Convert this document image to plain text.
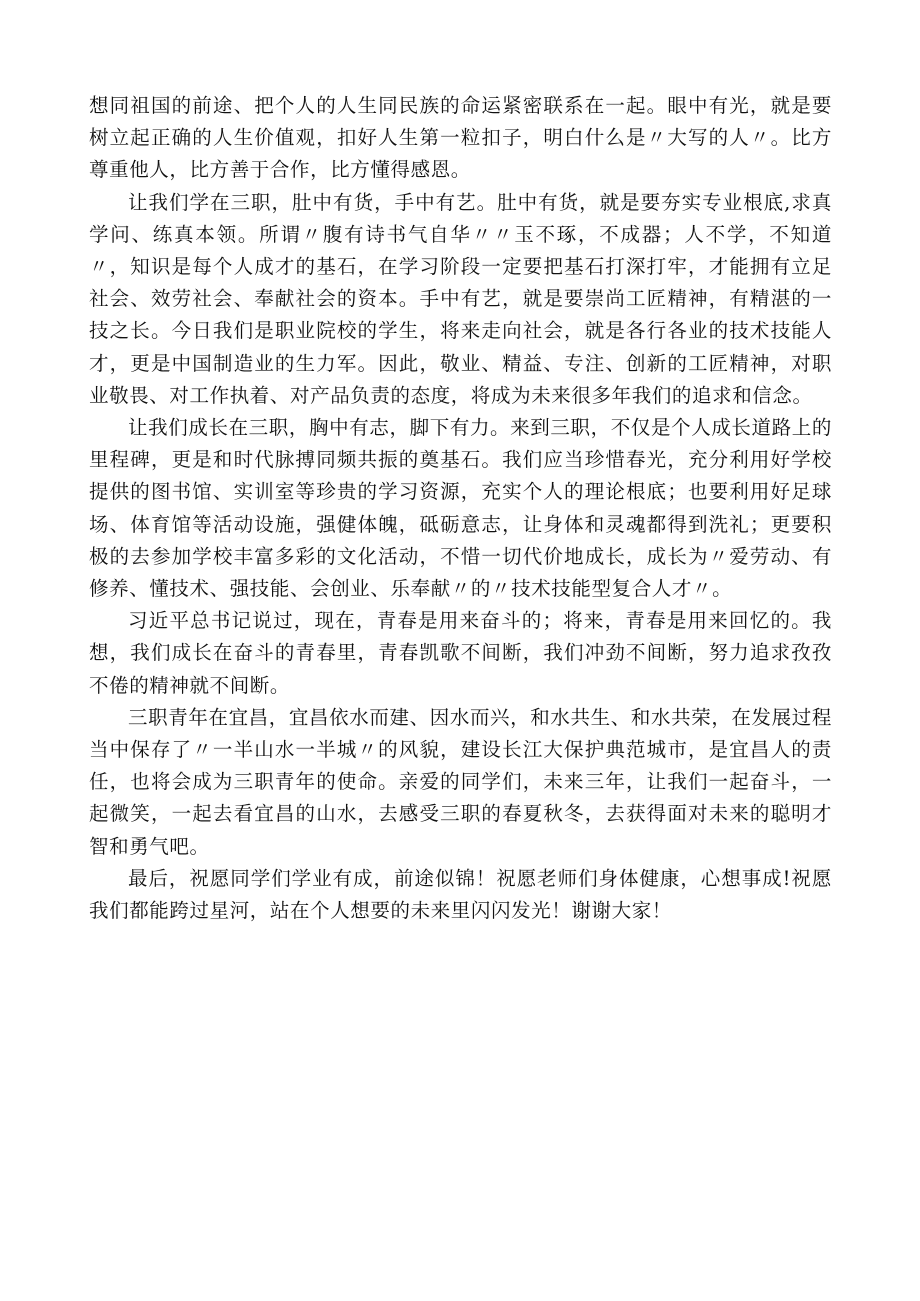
想同祖国的前途、把个人的人生同民族的命运紧密联系在一起。眼中有光，就是要树立起正确的人生价值观，扣好人生第一粒扣子，明白什么是〃大写的人〃。比方尊重他人，比方善于合作，比方懂得感恩。

让我们学在三职，肚中有货，手中有艺。肚中有货，就是要夯实专业根底,求真学问、练真本领。所谓〃腹有诗书气自华〃〃玉不琢，不成器；人不学，不知道〃，知识是每个人成才的基石，在学习阶段一定要把基石打深打牢，才能拥有立足社会、效劳社会、奉献社会的资本。手中有艺，就是要崇尚工匠精神，有精湛的一技之长。今日我们是职业院校的学生，将来走向社会，就是各行各业的技术技能人才，更是中国制造业的生力军。因此，敬业、精益、专注、创新的工匠精神，对职业敬畏、对工作执着、对产品负责的态度，将成为未来很多年我们的追求和信念。

让我们成长在三职，胸中有志，脚下有力。来到三职，不仅是个人成长道路上的里程碑，更是和时代脉搏同频共振的奠基石。我们应当珍惜春光，充分利用好学校提供的图书馆、实训室等珍贵的学习资源，充实个人的理论根底；也要利用好足球场、体育馆等活动设施，强健体魄，砥砺意志，让身体和灵魂都得到洗礼；更要积极的去参加学校丰富多彩的文化活动，不惜一切代价地成长，成长为〃爱劳动、有修养、懂技术、强技能、会创业、乐奉献〃的〃技术技能型复合人才〃。

习近平总书记说过，现在，青春是用来奋斗的；将来，青春是用来回忆的。我想，我们成长在奋斗的青春里，青春凯歌不间断，我们冲劲不间断，努力追求孜孜不倦的精神就不间断。

三职青年在宜昌，宜昌依水而建、因水而兴，和水共生、和水共荣，在发展过程当中保存了〃一半山水一半城〃的风貌，建设长江大保护典范城市，是宜昌人的责任，也将会成为三职青年的使命。亲爱的同学们，未来三年，让我们一起奋斗，一起微笑，一起去看宜昌的山水，去感受三职的春夏秋冬，去获得面对未来的聪明才智和勇气吧。

最后，祝愿同学们学业有成，前途似锦！祝愿老师们身体健康，心想事成!祝愿我们都能跨过星河，站在个人想要的未来里闪闪发光！谢谢大家！
